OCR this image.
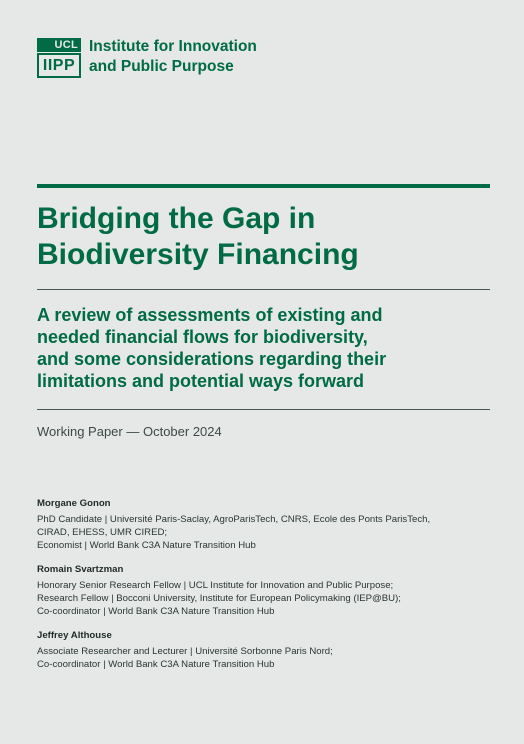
UCL
IIPP
Institute for Innovation
and Public Purpose
Bridging the Gap in
Biodiversity Financing
A review of assessments of existing and
needed financial flows for biodiversity,
and some considerations regarding their
limitations and potential ways forward
Working Paper — October 2024
Morgane Gonon
PhD Candidate | Université Paris-Saclay, AgroParisTech, CNRS, Ecole des Ponts ParisTech,
CIRAD, EHESS, UMR CIRED;
Economist | World Bank C3A Nature Transition Hub
Romain Svartzman
Honorary Senior Research Fellow | UCL Institute for Innovation and Public Purpose;
Research Fellow | Bocconi University, Institute for European Policymaking (IEP@BU);
Co-coordinator | World Bank C3A Nature Transition Hub
Jeffrey Althouse
Associate Researcher and Lecturer | Université Sorbonne Paris Nord;
Co-coordinator | World Bank C3A Nature Transition Hub
